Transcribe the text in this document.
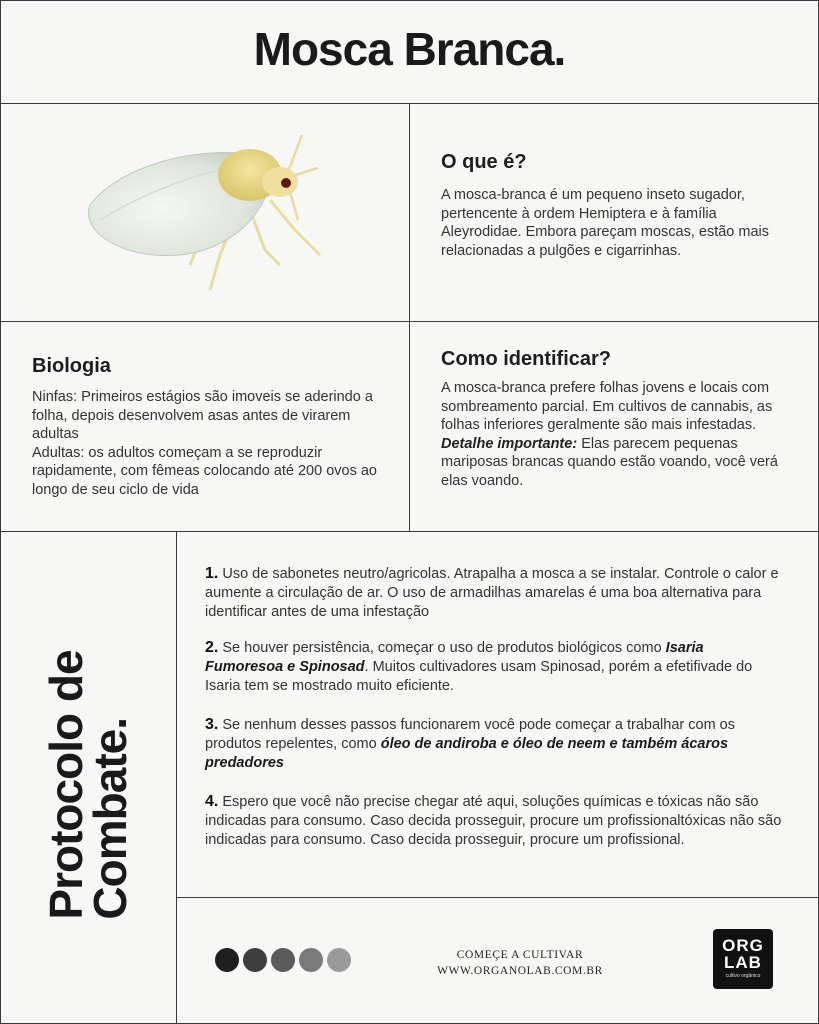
Mosca Branca.
O que é?
A mosca-branca é um pequeno inseto sugador, pertencente à ordem Hemiptera e à família Aleyrodidae. Embora pareçam moscas, estão mais relacionadas a pulgões e cigarrinhas.
Biologia
Ninfas: Primeiros estágios são imoveis se aderindo a folha, depois desenvolvem asas antes de virarem adultas
Adultas: os adultos começam a se reproduzir rapidamente, com fêmeas colocando até 200 ovos ao longo de seu ciclo de vida
Como identificar?
A mosca-branca prefere folhas jovens e locais com sombreamento parcial. Em cultivos de cannabis, as folhas inferiores geralmente são mais infestadas.
Detalhe importante: Elas parecem pequenas mariposas brancas quando estão voando, você verá elas voando.
Protocolo de
Combate.
1. Uso de sabonetes neutro/agricolas. Atrapalha a mosca a se instalar. Controle o calor e aumente a circulação de ar. O uso de armadilhas amarelas é uma boa alternativa para identificar antes de uma infestação
2. Se houver persistência, começar o uso de produtos biológicos como Isaria Fumoresoa e Spinosad. Muitos cultivadores usam Spinosad, porém a efetifivade do Isaria tem se mostrado muito eficiente.
3. Se nenhum desses passos funcionarem você pode começar a trabalhar com os produtos repelentes, como óleo de andiroba e óleo de neem e também ácaros predadores
4. Espero que você não precise chegar até aqui, soluções químicas e tóxicas não são indicadas para consumo. Caso decida prosseguir, procure um profissionaltóxicas não são indicadas para consumo. Caso decida prosseguir, procure um profissional.
COMEÇE A CULTIVAR
WWW.ORGANOLAB.COM.BR
ORG
LAB
cultivo orgânico
